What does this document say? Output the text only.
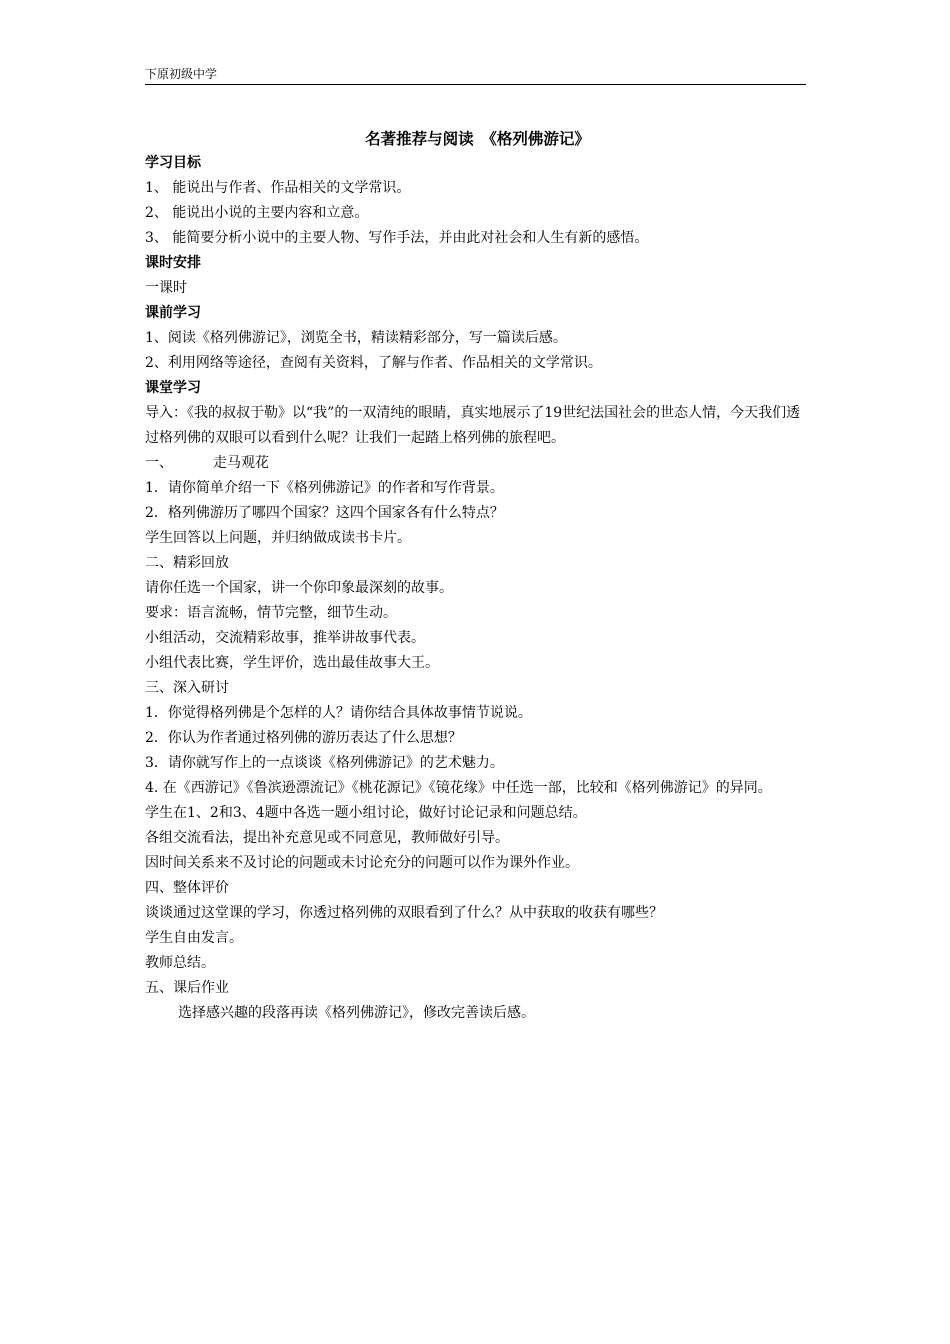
下原初级中学

名著推荐与阅读　《格列佛游记》

学习目标

1、 能说出与作者、作品相关的文学常识。

2、 能说出小说的主要内容和立意。

3、 能简要分析小说中的主要人物、写作手法，并由此对社会和人生有新的感悟。

课时安排

一课时

课前学习

1、阅读《格列佛游记》，浏览全书，精读精彩部分，写一篇读后感。

2、利用网络等途径，查阅有关资料，了解与作者、作品相关的文学常识。

课堂学习

导入：《我的叔叔于勒》以“我”的一双清纯的眼睛，真实地展示了19世纪法国社会的世态人情，今天我们透过格列佛的双眼可以看到什么呢？让我们一起踏上格列佛的旅程吧。

一、	走马观花

1．请你简单介绍一下《格列佛游记》的作者和写作背景。

2．格列佛游历了哪四个国家？这四个国家各有什么特点？

学生回答以上问题，并归纳做成读书卡片。

二、精彩回放

请你任选一个国家，讲一个你印象最深刻的故事。

要求：语言流畅，情节完整，细节生动。

小组活动，交流精彩故事，推举讲故事代表。

小组代表比赛，学生评价，选出最佳故事大王。

三、深入研讨

1．你觉得格列佛是个怎样的人？请你结合具体故事情节说说。

2．你认为作者通过格列佛的游历表达了什么思想？

3．请你就写作上的一点谈谈《格列佛游记》的艺术魅力。

4. 在《西游记》《鲁滨逊漂流记》《桃花源记》《镜花缘》中任选一部，比较和《格列佛游记》的异同。

学生在1、2和3、4题中各选一题小组讨论，做好讨论记录和问题总结。

各组交流看法，提出补充意见或不同意见，教师做好引导。

因时间关系来不及讨论的问题或未讨论充分的问题可以作为课外作业。

四、整体评价

谈谈通过这堂课的学习，你透过格列佛的双眼看到了什么？从中获取的收获有哪些？

学生自由发言。

教师总结。

五、课后作业

选择感兴趣的段落再读《格列佛游记》，修改完善读后感。
